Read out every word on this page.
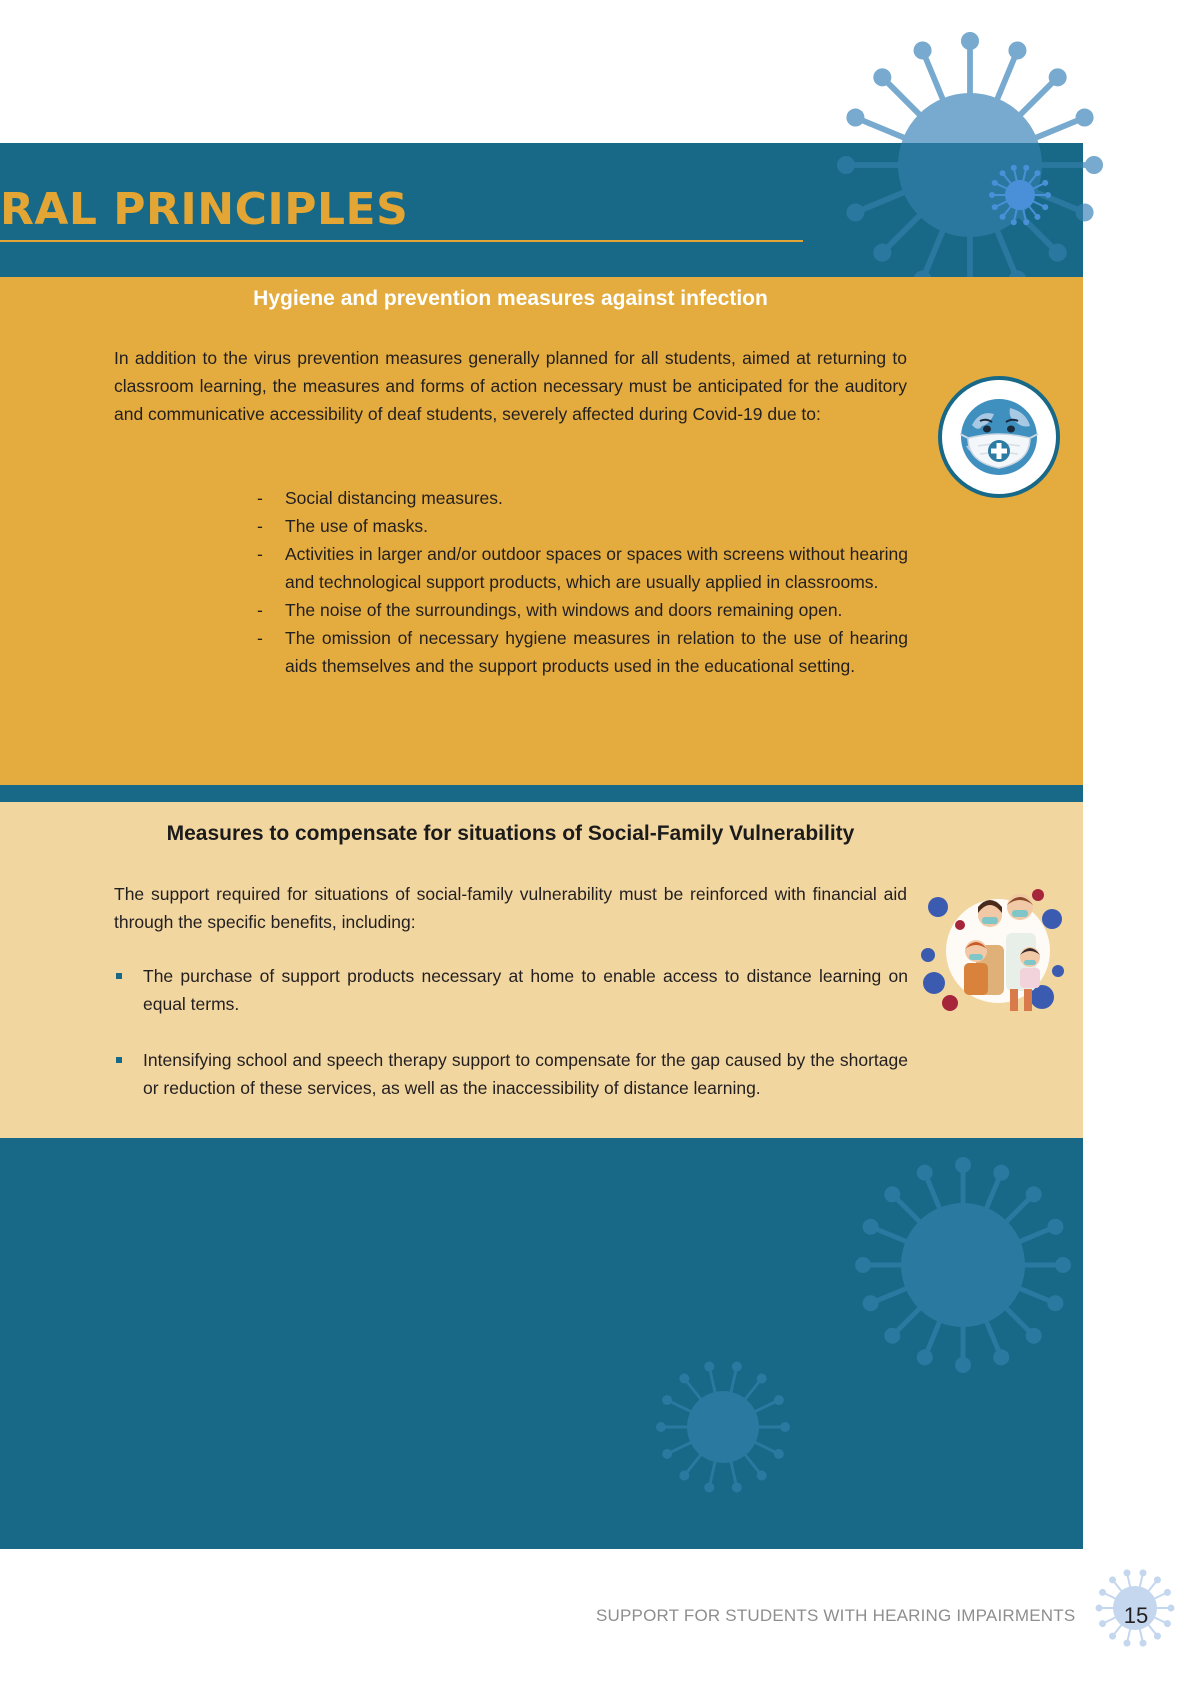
RAL PRINCIPLES
Hygiene and prevention measures against infection

In addition to the virus prevention measures generally planned for all students, aimed at returning to classroom learning, the measures and forms of action necessary must be anticipated for the auditory and communicative accessibility of deaf students, severely affected during Covid-19 due to:

- Social distancing measures.
- The use of masks.
- Activities in larger and/or outdoor spaces or spaces with screens without hearing and technological support products, which are usually applied in classrooms.
- The noise of the surroundings, with windows and doors remaining open.
- The omission of necessary hygiene measures in relation to the use of hearing aids themselves and the support products used in the educational setting.
Measures to compensate for situations of Social-Family Vulnerability

The support required for situations of social-family vulnerability must be reinforced with financial aid through the specific benefits, including:

The purchase of support products necessary at home to enable access to distance learning on equal terms.
Intensifying school and speech therapy support to compensate for the gap caused by the shortage or reduction of these services, as well as the inaccessibility of distance learning.
SUPPORT FOR STUDENTS WITH HEARING IMPAIRMENTS	15
